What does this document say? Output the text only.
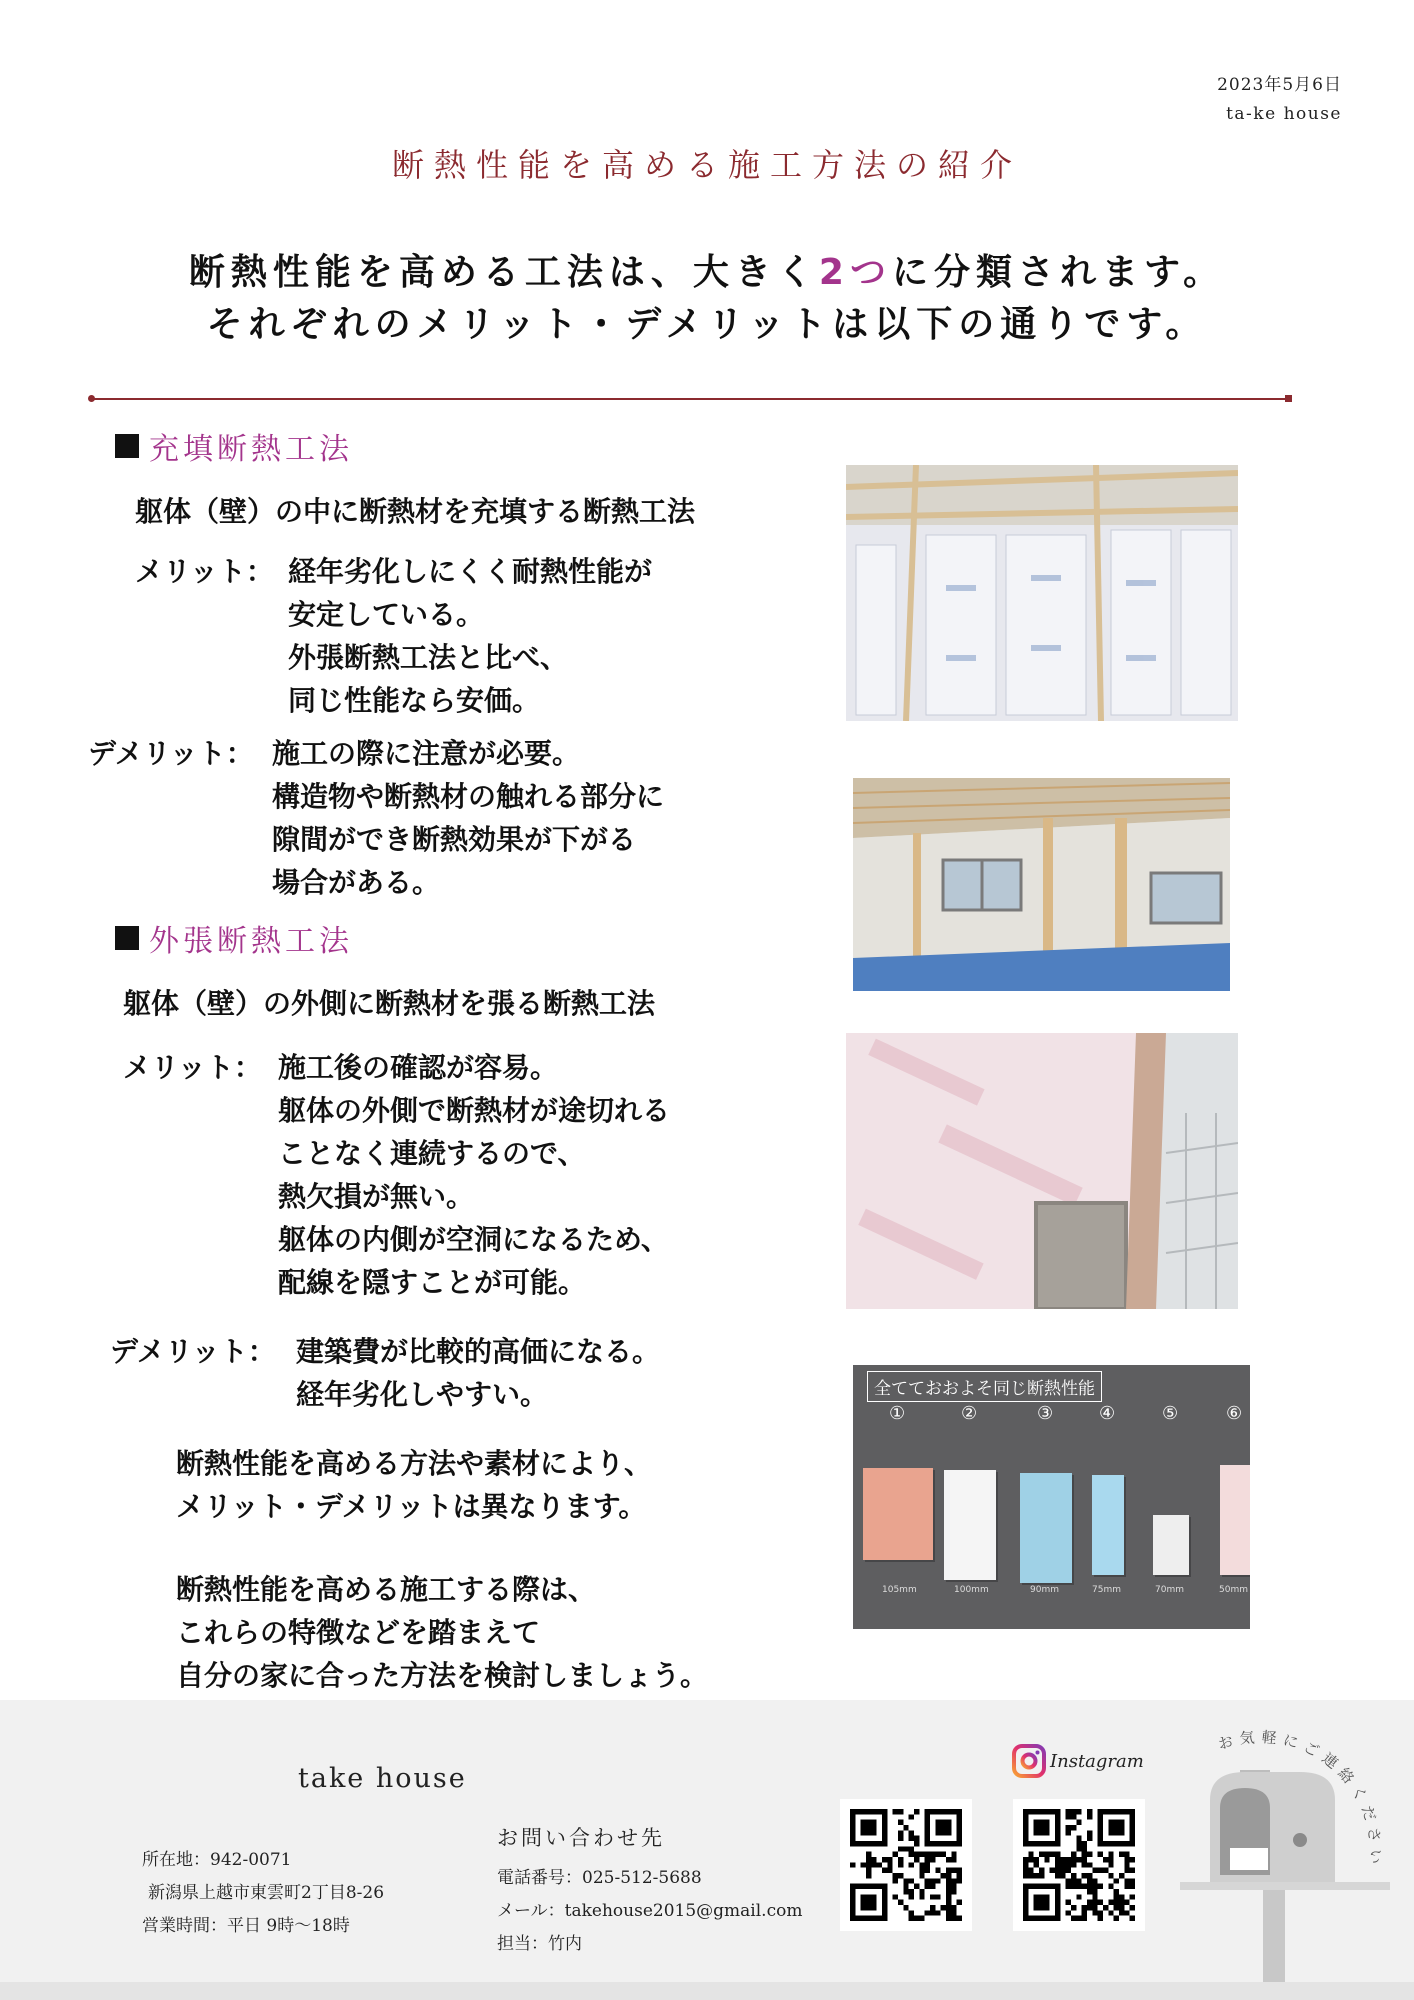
2023年5月6日
ta-ke house
断熱性能を高める施工方法の紹介
断熱性能を高める工法は、大きく2つに分類されます。
それぞれのメリット・デメリットは以下の通りです。
充填断熱工法
躯体（壁）の中に断熱材を充填する断熱工法
メリット： 経年劣化しにくく耐熱性能が
安定している。
外張断熱工法と比べ、
同じ性能なら安価。
デメリット： 施工の際に注意が必要。
構造物や断熱材の触れる部分に
隙間ができ断熱効果が下がる
場合がある。
外張断熱工法
躯体（壁）の外側に断熱材を張る断熱工法
メリット： 施工後の確認が容易。
躯体の外側で断熱材が途切れる
ことなく連続するので、
熱欠損が無い。
躯体の内側が空洞になるため、
配線を隠すことが可能。
デメリット： 建築費が比較的高価になる。
経年劣化しやすい。
断熱性能を高める方法や素材により、
メリット・デメリットは異なります。
断熱性能を高める施工する際は、
これらの特徴などを踏まえて
自分の家に合った方法を検討しましょう。
全てておおよそ同じ断熱性能
①	②	③	④	⑤	⑥
105mm	100mm	90mm	75mm	70mm	50mm
take house
所在地：942-0071
新潟県上越市東雲町2丁目8-26
営業時間：平日 9時～18時
お問い合わせ先
電話番号：025-512-5688
メール：takehouse2015@gmail.com
担当：竹内
Instagram
お気軽にご連絡ください
